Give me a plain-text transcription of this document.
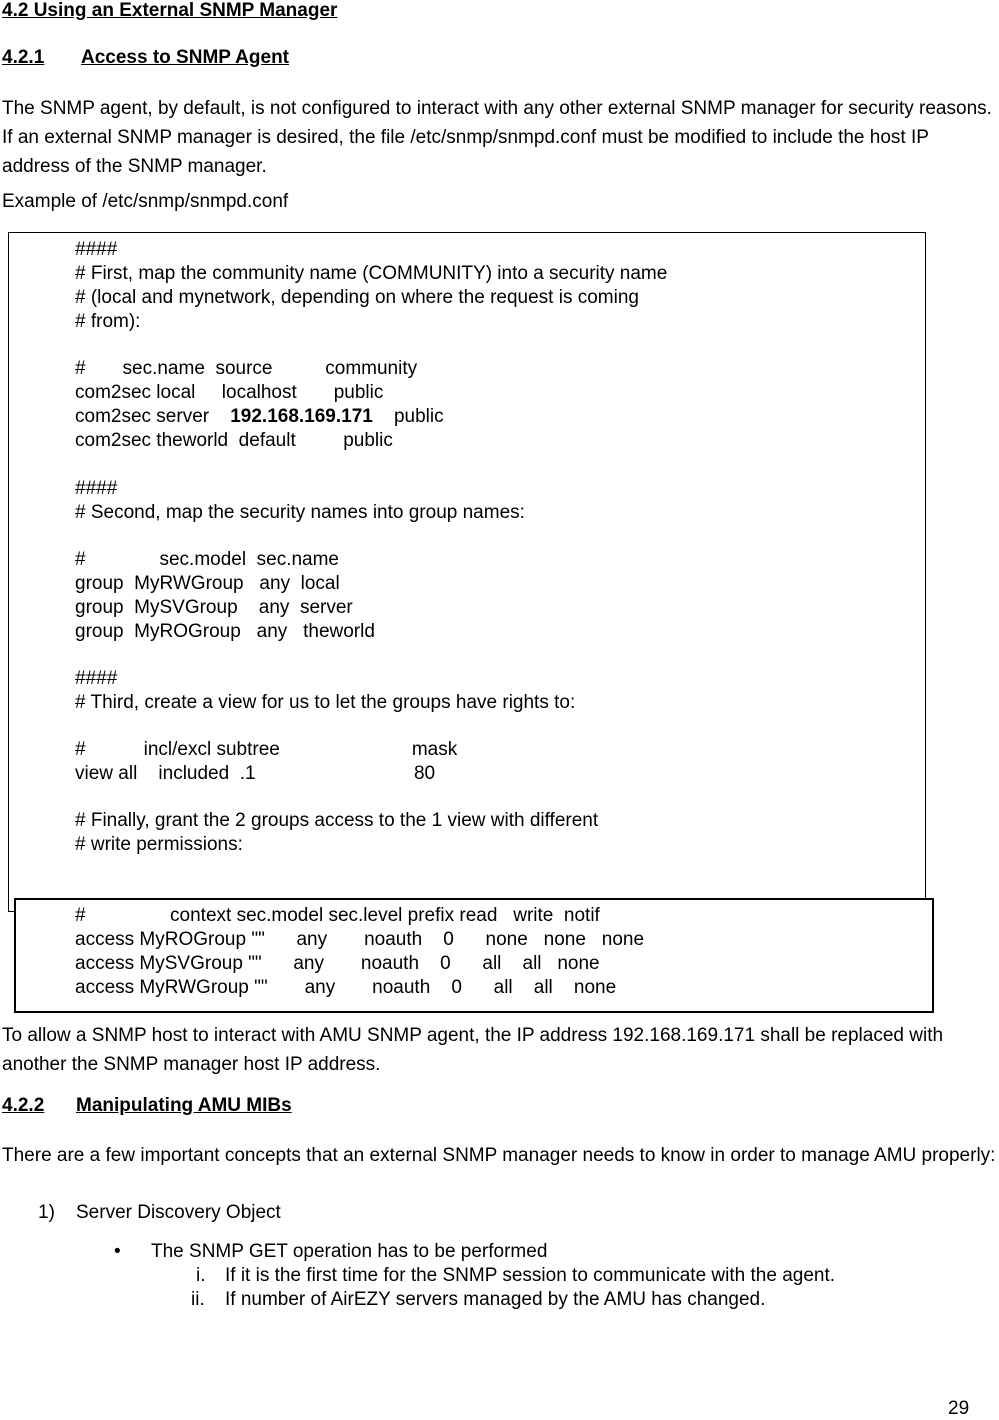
4.2 Using an External SNMP Manager
4.2.1 Access to SNMP Agent
The SNMP agent, by default, is not configured to interact with any other external SNMP manager for security reasons. If an external SNMP manager is desired, the file /etc/snmp/snmpd.conf must be modified to include the host IP address of the SNMP manager.
Example of /etc/snmp/snmpd.conf
####
# First, map the community name (COMMUNITY) into a security name
# (local and mynetwork, depending on where the request is coming
# from):
#       sec.name  source          community
com2sec local     localhost       public
com2sec server    192.168.169.171    public
com2sec theworld  default         public
####
# Second, map the security names into group names:
#              sec.model  sec.name
group  MyRWGroup   any  local
group  MySVGroup    any  server
group  MyROGroup   any   theworld
####
# Third, create a view for us to let the groups have rights to:
#           incl/excl subtree                         mask
view all    included  .1                              80
# Finally, grant the 2 groups access to the 1 view with different
# write permissions:
#                context sec.model sec.level prefix read   write  notif
access MyROGroup ""      any       noauth    0      none   none   none
access MySVGroup ""      any       noauth    0      all    all   none
access MyRWGroup ""       any       noauth    0      all    all    none
To allow a SNMP host to interact with AMU SNMP agent, the IP address 192.168.169.171 shall be replaced with another the SNMP manager host IP address.
4.2.2 Manipulating AMU MIBs
There are a few important concepts that an external SNMP manager needs to know in order to manage AMU properly:
1) Server Discovery Object
• The SNMP GET operation has to be performed
i. If it is the first time for the SNMP session to communicate with the agent.
ii. If number of AirEZY servers managed by the AMU has changed.
29
